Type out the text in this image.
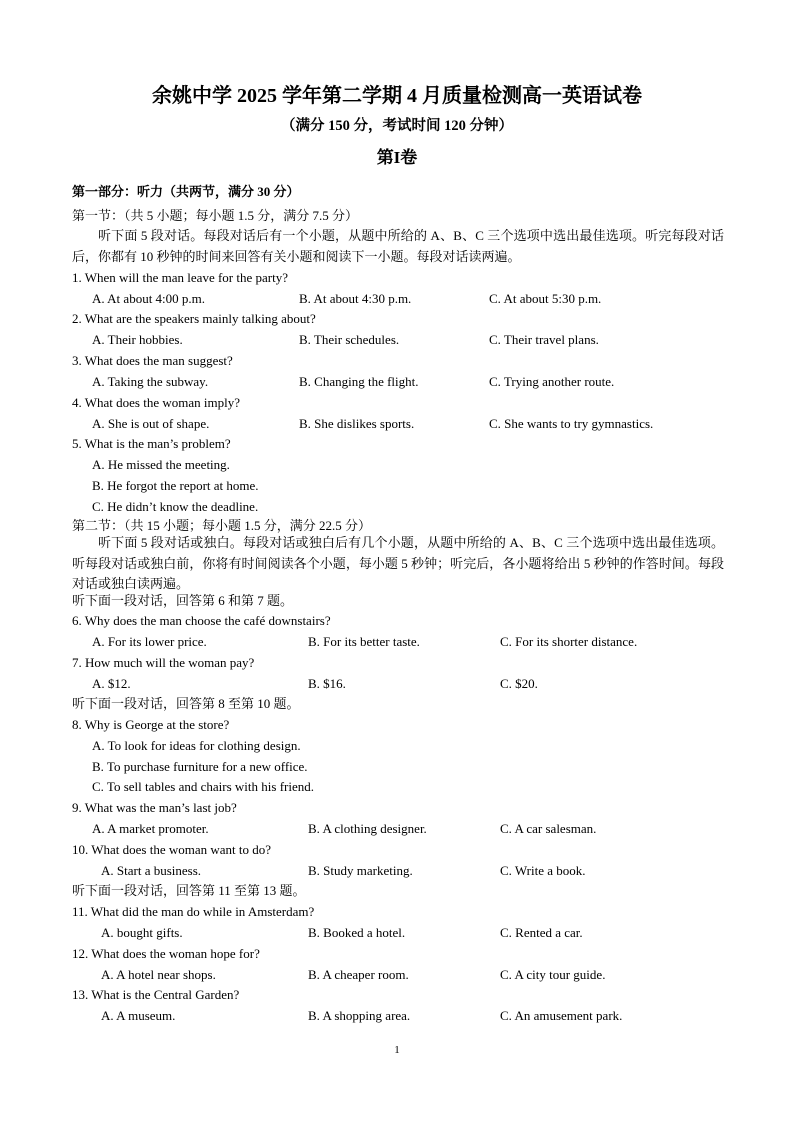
余姚中学 2025 学年第二学期 4 月质量检测高一英语试卷
（满分 150 分，考试时间 120 分钟）
第I卷
第一部分：听力（共两节，满分 30 分）
第一节：（共 5 小题；每小题 1.5 分，满分 7.5 分）
听下面 5 段对话。每段对话后有一个小题，从题中所给的 A、B、C 三个选项中选出最佳选项。听完每段对话后，你都有 10 秒钟的时间来回答有关小题和阅读下一小题。每段对话读两遍。
1. When will the man leave for the party?
A. At about 4:00 p.m.	B. At about 4:30 p.m.	C. At about 5:30 p.m.
2. What are the speakers mainly talking about?
A. Their hobbies.	B. Their schedules.	C. Their travel plans.
3. What does the man suggest?
A. Taking the subway.	B. Changing the flight.	C. Trying another route.
4. What does the woman imply?
A. She is out of shape.	B. She dislikes sports.	C. She wants to try gymnastics.
5. What is the man’s problem?
A. He missed the meeting.
B. He forgot the report at home.
C. He didn’t know the deadline.
第二节：（共 15 小题；每小题 1.5 分，满分 22.5 分）
听下面 5 段对话或独白。每段对话或独白后有几个小题，从题中所给的 A、B、C 三个选项中选出最佳选项。听每段对话或独白前，你将有时间阅读各个小题，每小题 5 秒钟；听完后，各小题将给出 5 秒钟的作答时间。每段对话或独白读两遍。
听下面一段对话，回答第 6 和第 7 题。
6. Why does the man choose the café downstairs?
A. For its lower price.	B. For its better taste.	C. For its shorter distance.
7. How much will the woman pay?
A. $12.	B. $16.	C. $20.
听下面一段对话，回答第 8 至第 10 题。
8. Why is George at the store?
A. To look for ideas for clothing design.
B. To purchase furniture for a new office.
C. To sell tables and chairs with his friend.
9. What was the man’s last job?
A. A market promoter.	B. A clothing designer.	C. A car salesman.
10. What does the woman want to do?
A. Start a business.	B. Study marketing.	C. Write a book.
听下面一段对话，回答第 11 至第 13 题。
11. What did the man do while in Amsterdam?
A. bought gifts.	B. Booked a hotel.	C. Rented a car.
12. What does the woman hope for?
A. A hotel near shops.	B. A cheaper room.	C. A city tour guide.
13. What is the Central Garden?
A. A museum.	B. A shopping area.	C. An amusement park.
1
